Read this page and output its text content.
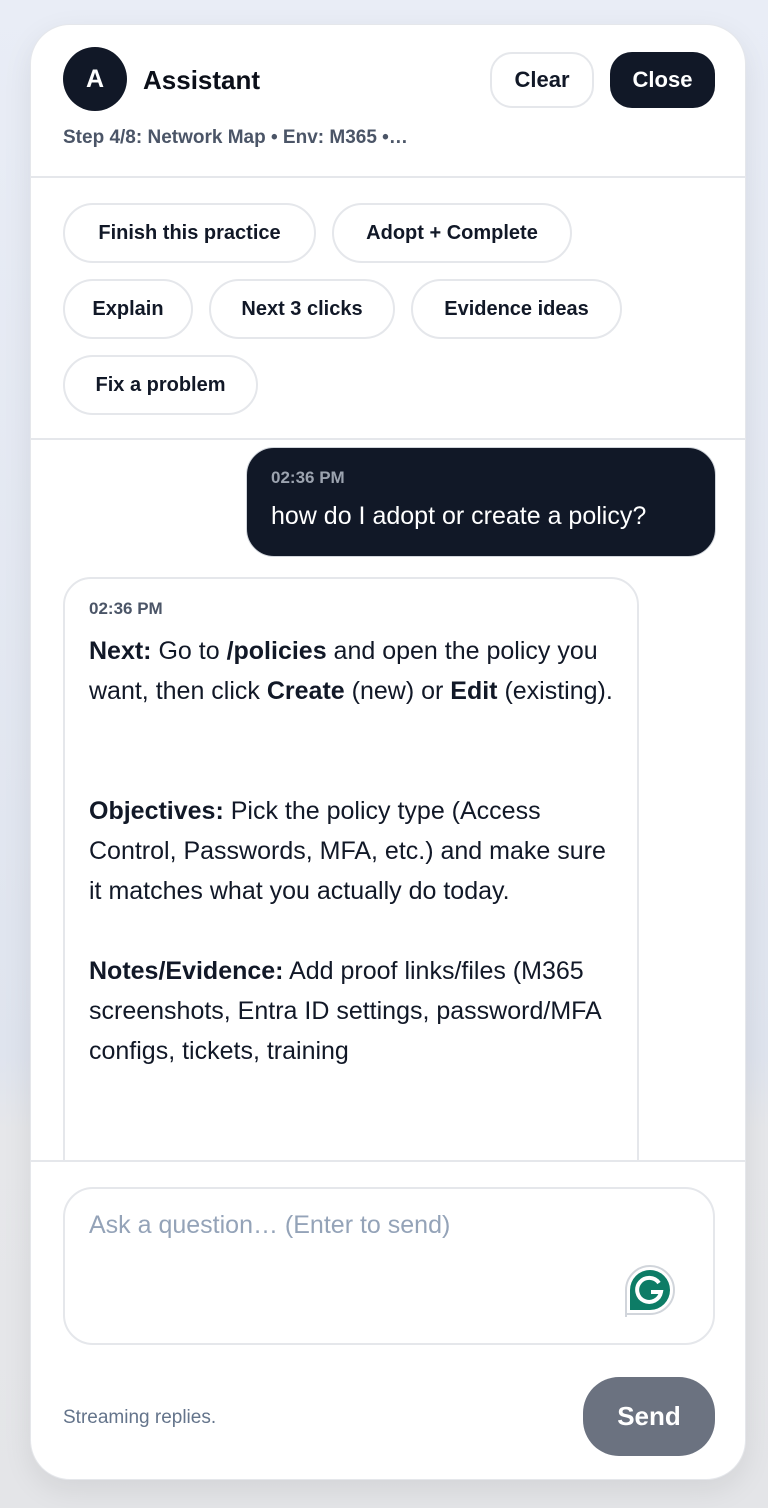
A	Assistant
Step 4/8: Network Map • Env: M365 •…
Clear	Close
Finish this practice	Adopt + Complete
Explain	Next 3 clicks	Evidence ideas
Fix a problem
02:36 PM
how do I adopt or create a policy?
02:36 PM

Next: Go to /policies and open the policy you want, then click Create (new) or Edit (existing).

Objectives: Pick the policy type (Access Control, Passwords, MFA, etc.) and make sure it matches what you actually do today.

Notes/Evidence: Add proof links/files (M365 screenshots, Entra ID settings, password/MFA configs, tickets, training

Ask a question… (Enter to send)
Streaming replies.	Send
